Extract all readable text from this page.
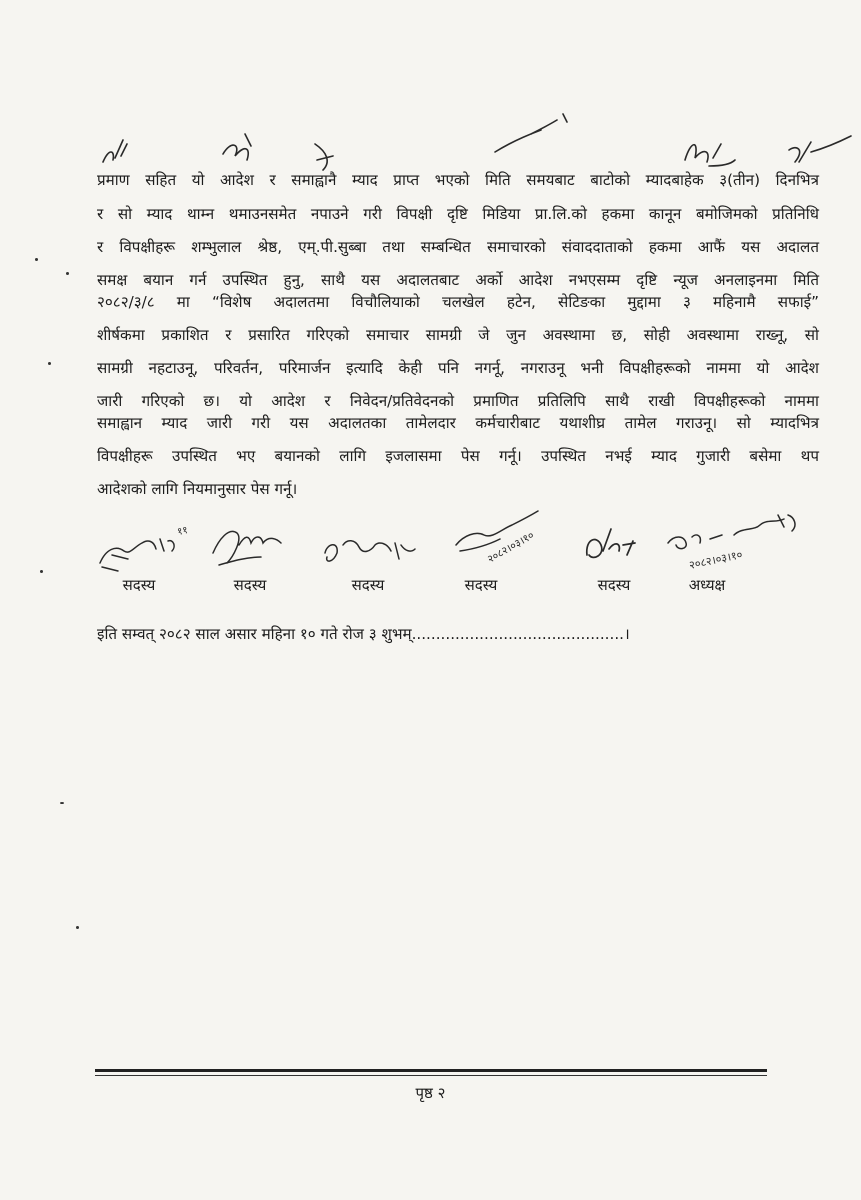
प्रमाण सहित यो आदेश र समाह्वानै म्याद प्राप्त भएको मिति समयबाट बाटोको म्यादबाहेक ३(तीन) दिनभित्र
र सो म्याद थाम्न थमाउनसमेत नपाउने गरी विपक्षी दृष्टि मिडिया प्रा.लि.को हकमा कानून बमोजिमको प्रतिनिधि
र विपक्षीहरू शम्भुलाल श्रेष्ठ, एम्.पी.सुब्बा तथा सम्बन्धित समाचारको संवाददाताको हकमा आफैं यस अदालत
समक्ष बयान गर्न उपस्थित हुनु, साथै यस अदालतबाट अर्को आदेश नभएसम्म दृष्टि न्यूज अनलाइनमा मिति
२०८२/३/८ मा “विशेष अदालतमा विचौलियाको चलखेल हटेन, सेटिङका मुद्दामा ३ महिनामै सफाई”
शीर्षकमा प्रकाशित र प्रसारित गरिएको समाचार सामग्री जे जुन अवस्थामा छ, सोही अवस्थामा राख्नू, सो
सामग्री नहटाउनू, परिवर्तन, परिमार्जन इत्यादि केही पनि नगर्नू, नगराउनू भनी विपक्षीहरूको नाममा यो आदेश
जारी गरिएको छ। यो आदेश र निवेदन/प्रतिवेदनको प्रमाणित प्रतिलिपि साथै राखी विपक्षीहरूको नाममा
समाह्वान म्याद जारी गरी यस अदालतका तामेलदार कर्मचारीबाट यथाशीघ्र तामेल गराउनू। सो म्यादभित्र
विपक्षीहरू उपस्थित भए बयानको लागि इजलासमा पेस गर्नू। उपस्थित नभई म्याद गुजारी बसेमा थप
आदेशको लागि नियमानुसार पेस गर्नू।
११
सदस्य	सदस्य	सदस्य
२०८२।०३।१०
सदस्य	सदस्य
२०८२।०३।१०
अध्यक्ष
इति सम्वत् २०८२ साल असार महिना १० गते रोज ३ शुभम्............................................।
पृष्ठ २
